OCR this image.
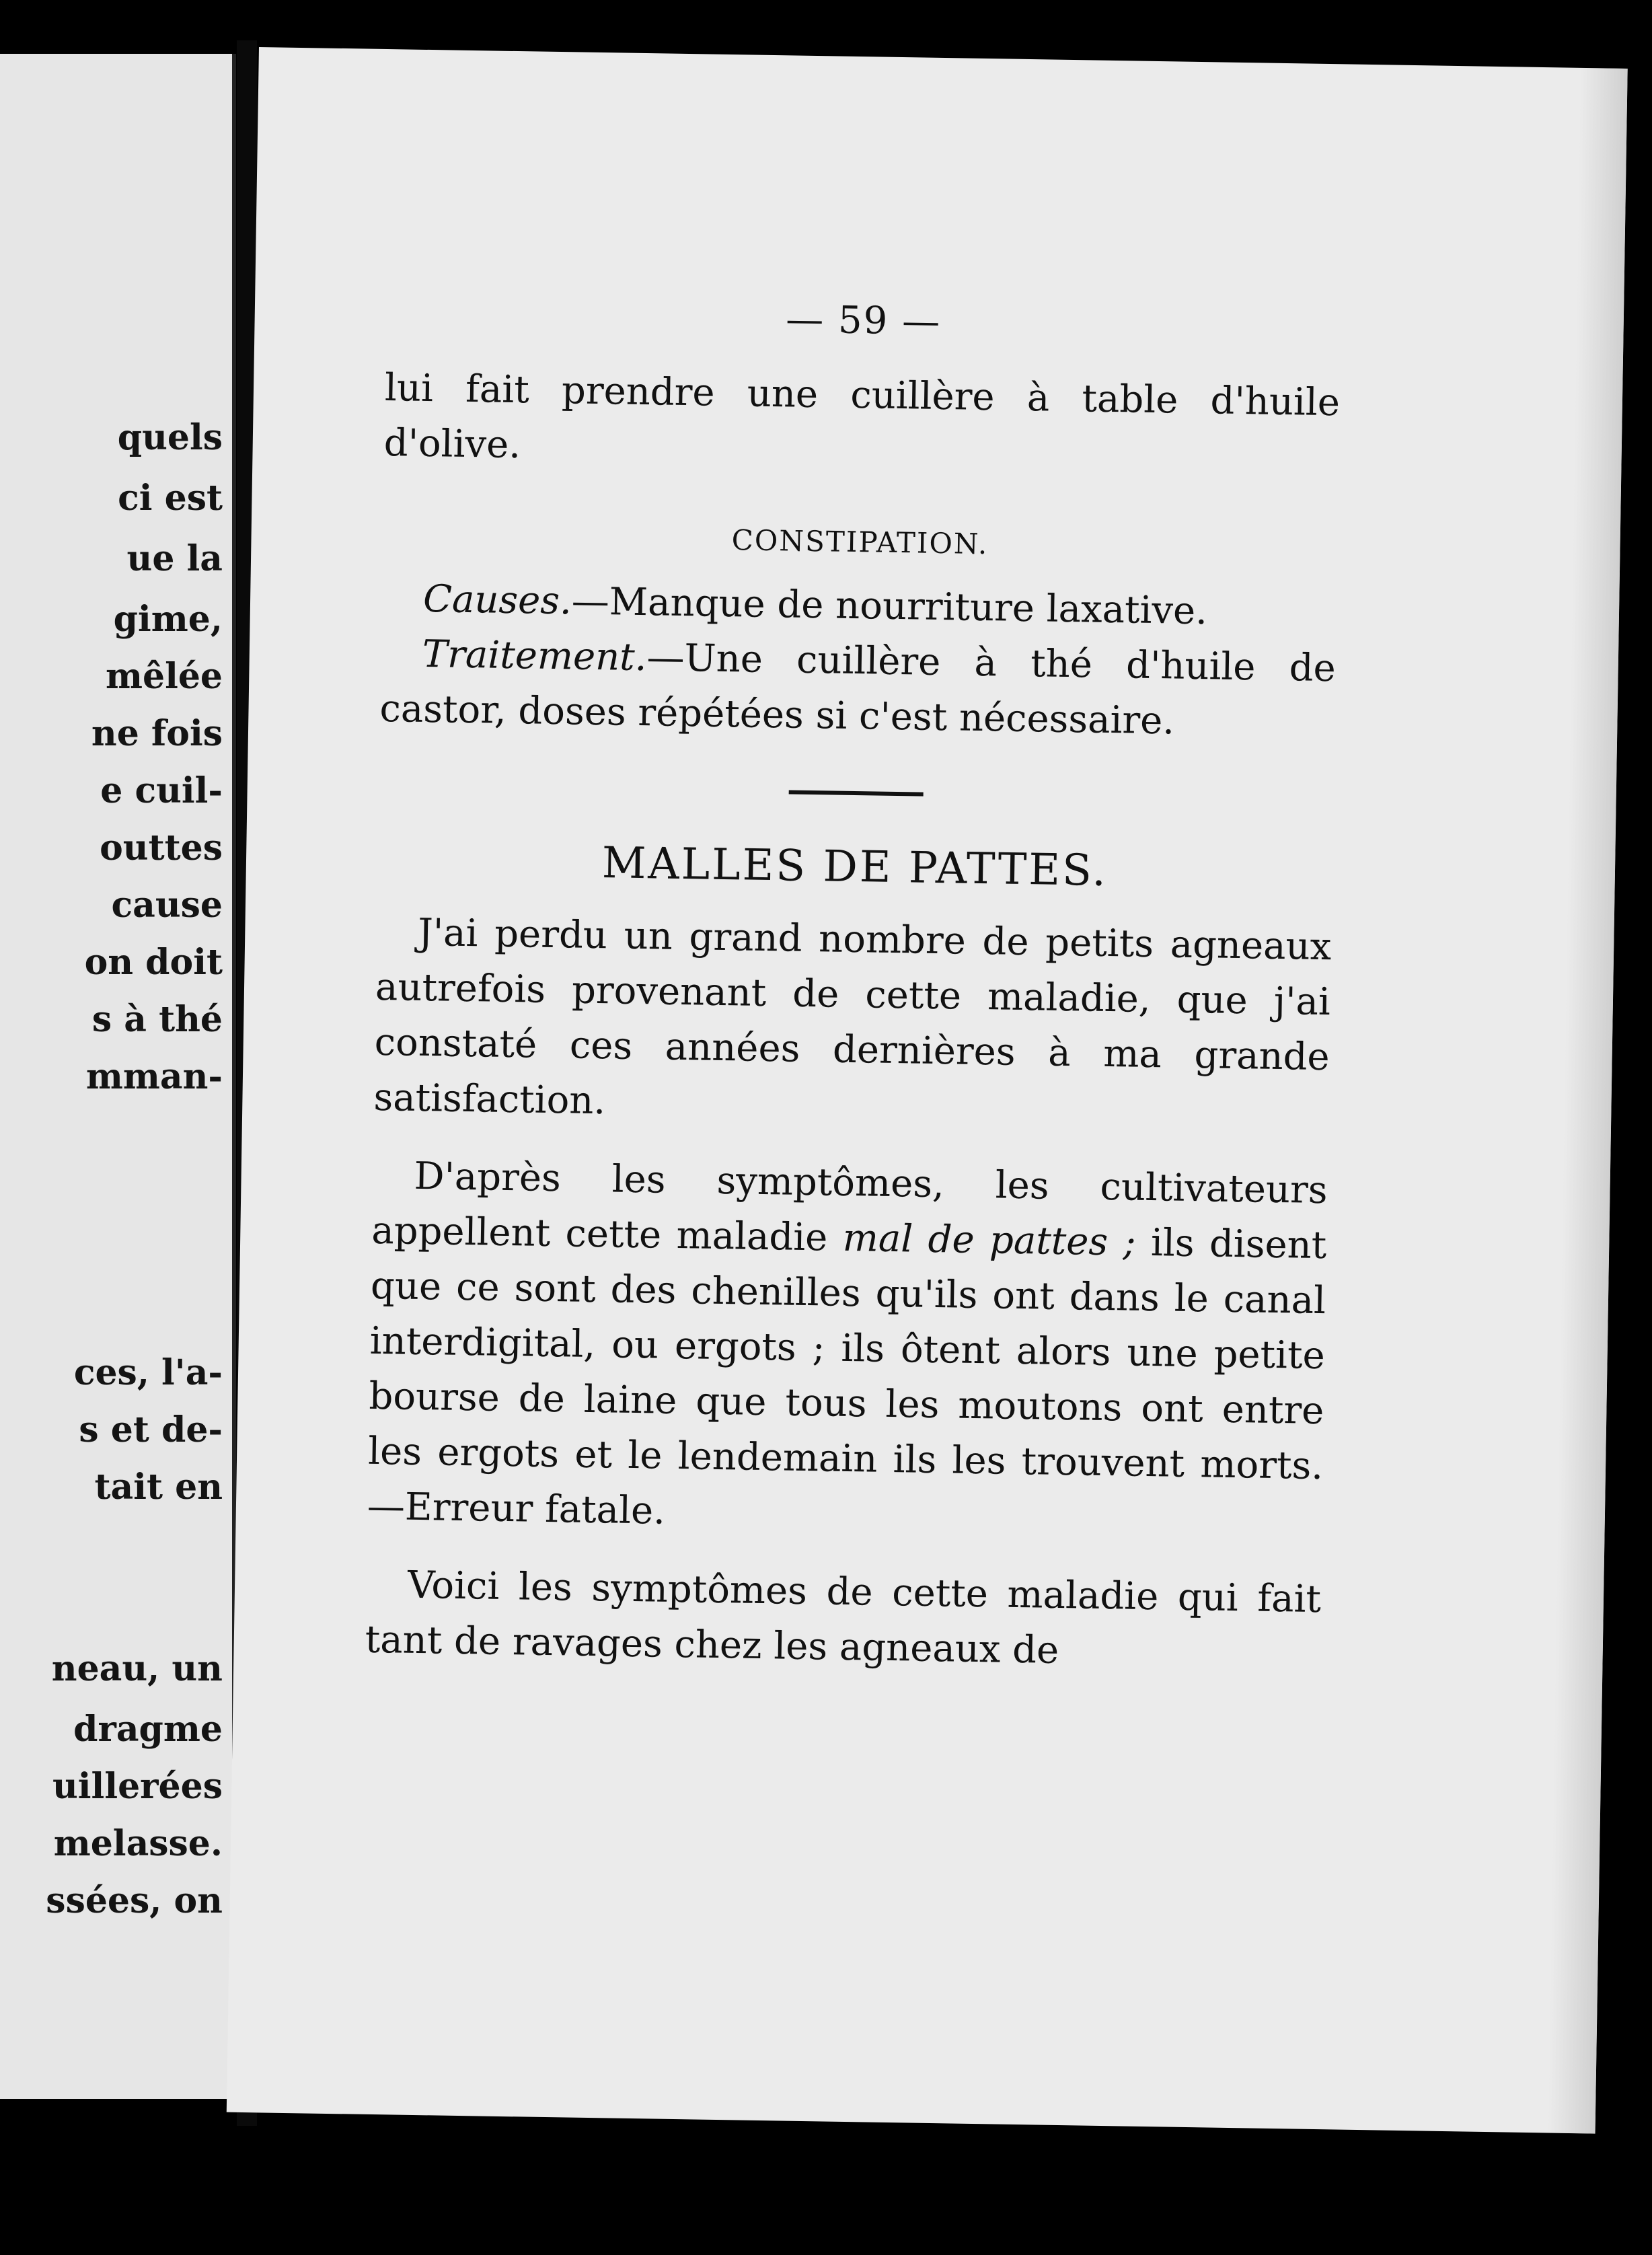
quels
ci est
ue la
gime,
mêlée
ne fois
e cuil-
outtes
cause
on doit
s à thé
mman-
ces, l'a-
s et de-
tait en
neau, un
dragme
uillerées
melasse.
ssées, on
— 59 —

lui fait prendre une cuillère à table d'huile d'olive.

CONSTIPATION.

Causes.—Manque de nourriture laxative.

Traitement.—Une cuillère à thé d'huile de castor, doses répétées si c'est nécessaire.

MALLES DE PATTES.

J'ai perdu un grand nombre de petits agneaux autrefois provenant de cette maladie, que j'ai constaté ces années dernières à ma grande satisfaction.

D'après les symptômes, les cultivateurs appellent cette maladie mal de pattes ; ils disent que ce sont des chenilles qu'ils ont dans le canal interdigital, ou ergots ; ils ôtent alors une petite bourse de laine que tous les moutons ont entre les ergots et le lendemain ils les trouvent morts.—Erreur fatale.

Voici les symptômes de cette maladie qui fait tant de ravages chez les agneaux de
